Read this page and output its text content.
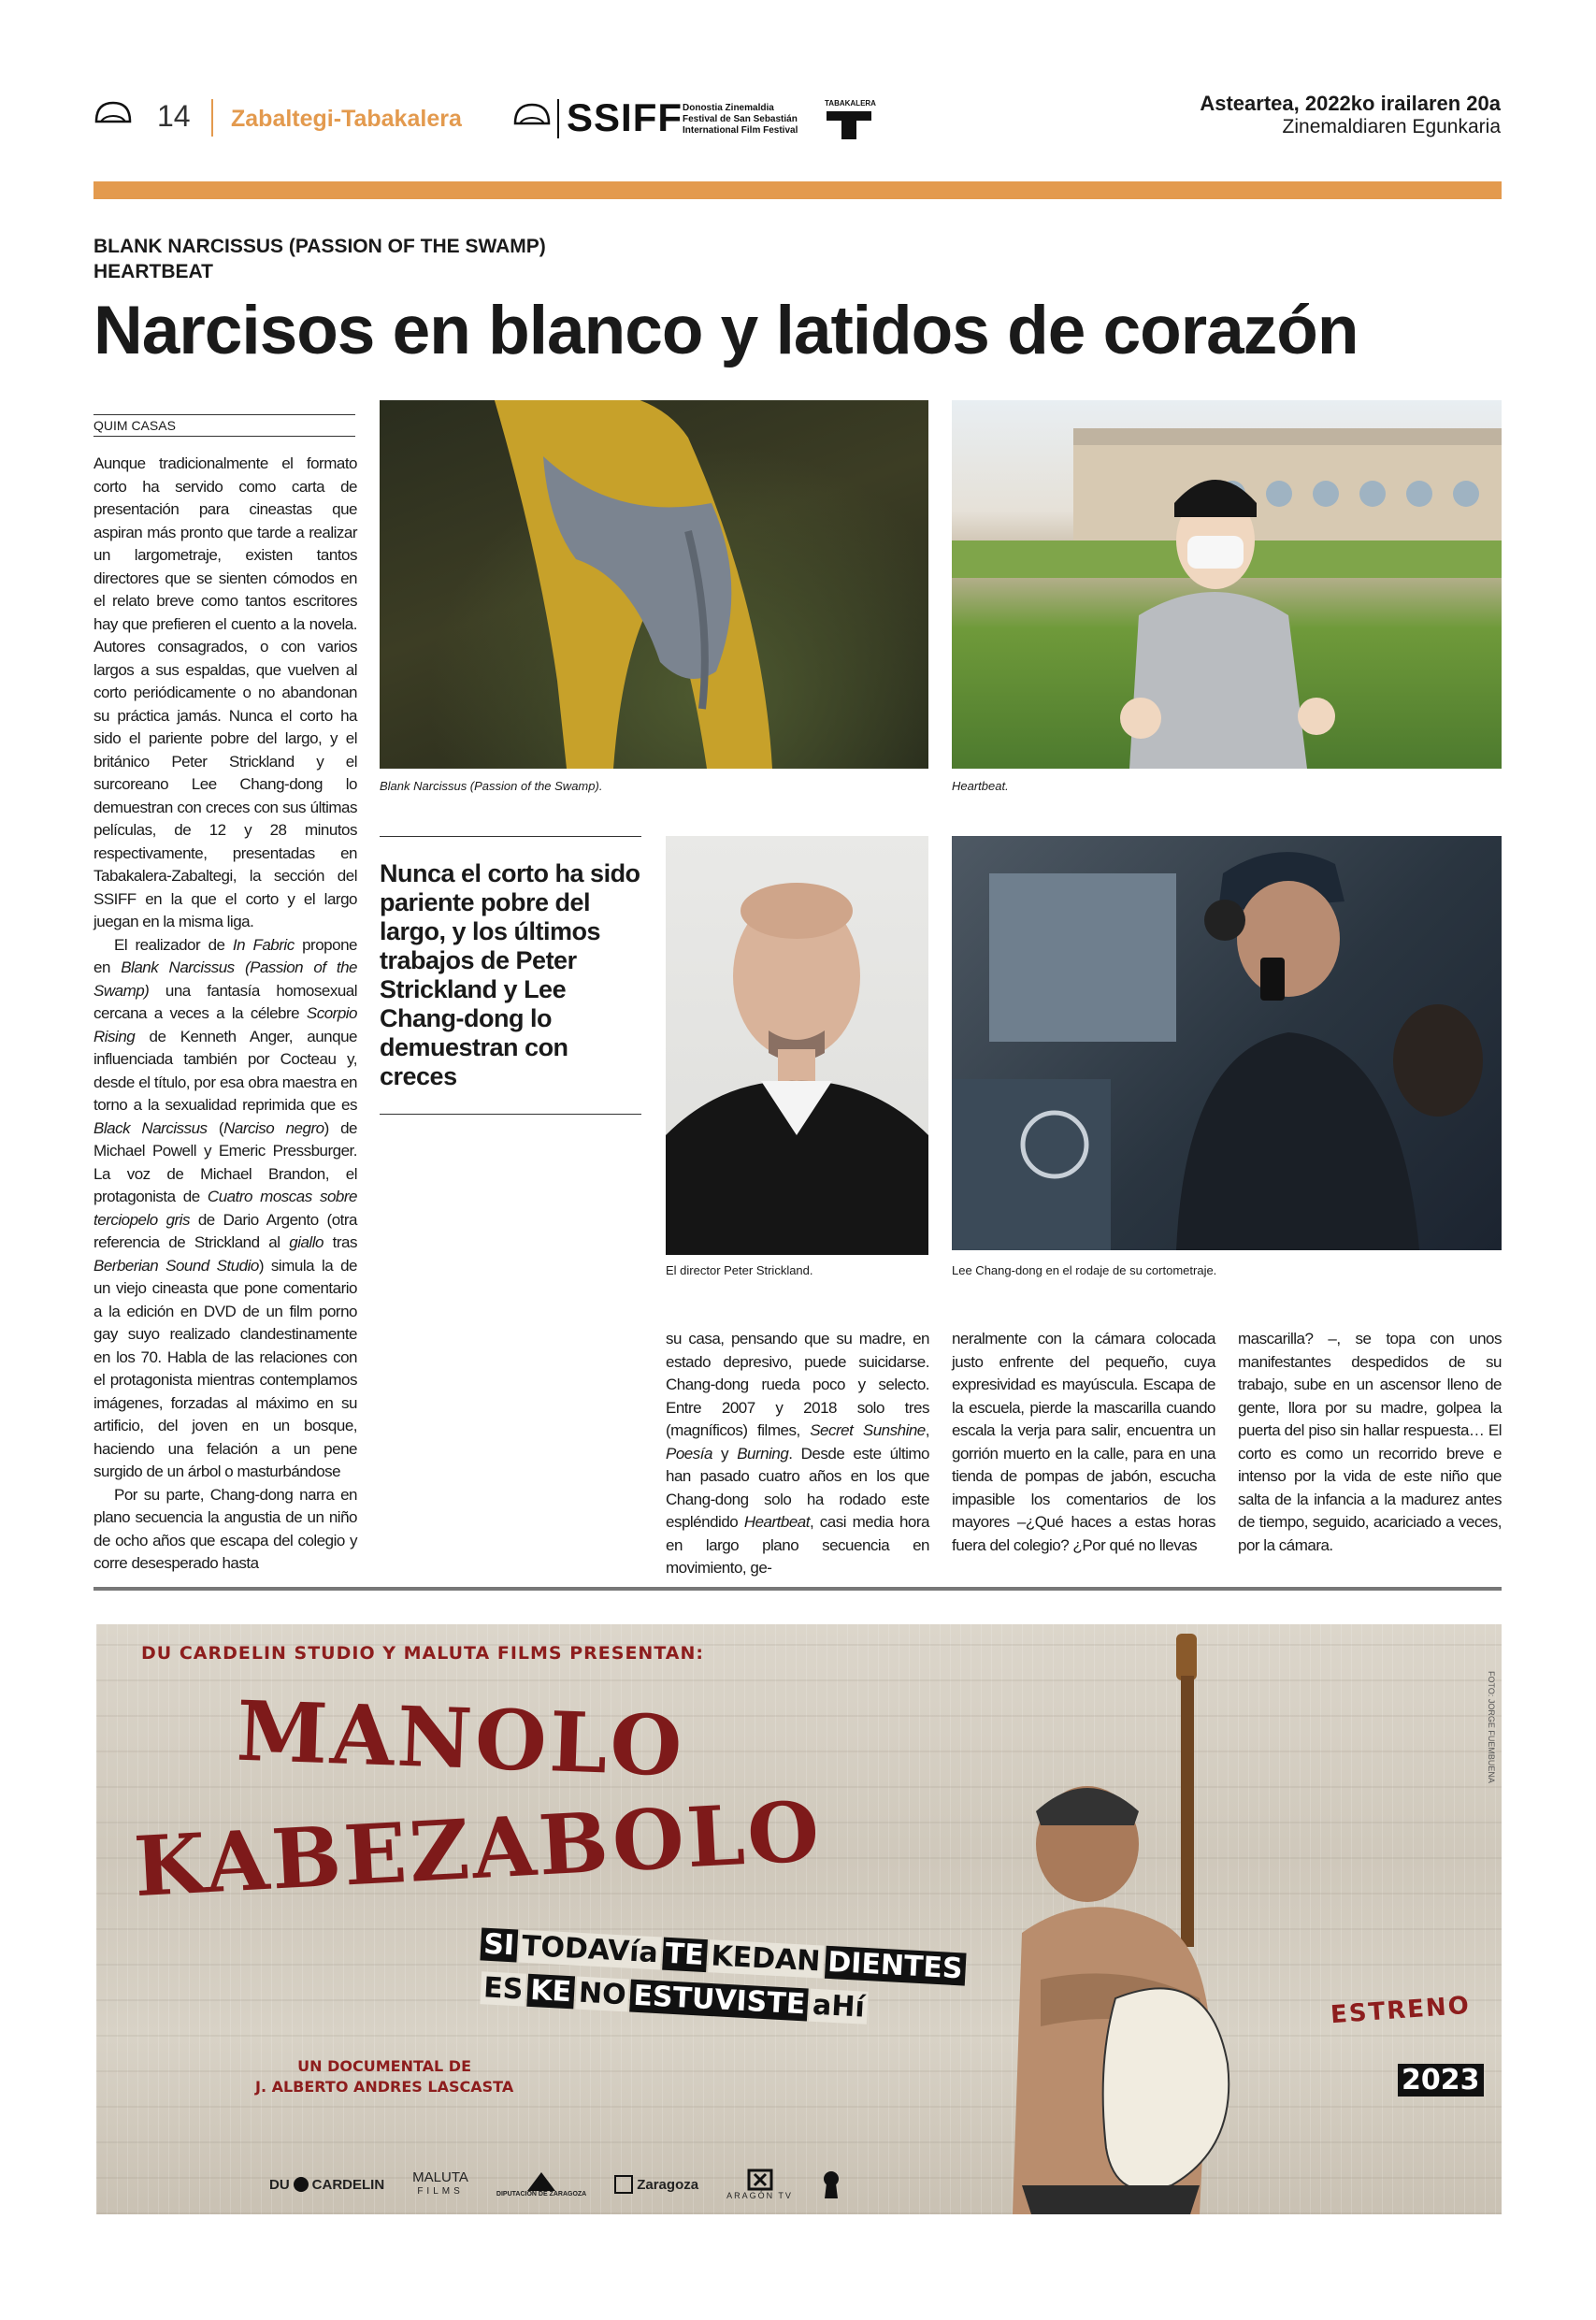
14 Zabaltegi-Tabakalera	SSIFF Donostia Zinemaldia
Festival de San Sebastián
International Film Festival
TABAKALERA	Asteartea, 2022ko irailaren 20a
Zinemaldiaren Egunkaria
BLANK NARCISSUS (PASSION OF THE SWAMP)
HEARTBEAT
Narcisos en blanco y latidos de corazón
QUIM CASAS

Aunque tradicionalmente el formato corto ha servido como carta de presentación para cineastas que aspiran más pronto que tarde a realizar un largometraje, existen tantos directores que se sienten cómodos en el relato breve como tantos escritores hay que prefieren el cuento a la novela. Autores consagrados, o con varios largos a sus espaldas, que vuelven al corto periódicamente o no abandonan su práctica jamás. Nunca el corto ha sido el pariente pobre del largo, y el británico Peter Strickland y el surcoreano Lee Chang-dong lo demuestran con creces con sus últimas películas, de 12 y 28 minutos respectivamente, presentadas en Tabakalera-Zabaltegi, la sección del SSIFF en la que el corto y el largo juegan en la misma liga.

El realizador de In Fabric propone en Blank Narcissus (Passion of the Swamp) una fantasía homosexual cercana a veces a la célebre Scorpio Rising de Kenneth Anger, aunque influenciada también por Cocteau y, desde el título, por esa obra maestra en torno a la sexualidad reprimida que es Black Narcissus (Narciso negro) de Michael Powell y Emeric Pressburger. La voz de Michael Brandon, el protagonista de Cuatro moscas sobre terciopelo gris de Dario Argento (otra referencia de Strickland al giallo tras Berberian Sound Studio) simula la de un viejo cineasta que pone comentario a la edición en DVD de un film porno gay suyo realizado clandestinamente en los 70. Habla de las relaciones con el protagonista mientras contemplamos imágenes, forzadas al máximo en su artificio, del joven en un bosque, haciendo una felación a un pene surgido de un árbol o masturbándose

Por su parte, Chang-dong narra en plano secuencia la angustia de un niño de ocho años que escapa del colegio y corre desesperado hasta

Blank Narcissus (Passion of the Swamp).	Heartbeat.
Nunca el corto ha sido pariente pobre del largo, y los últimos trabajos de Peter Strickland y Lee Chang-dong lo demuestran con creces
El director Peter Strickland.	Lee Chang-dong en el rodaje de su cortometraje.
su casa, pensando que su madre, en estado depresivo, puede suicidarse. Chang-dong rueda poco y selecto. Entre 2007 y 2018 solo tres (magníficos) filmes, Secret Sunshine, Poesía y Burning. Desde este último han pasado cuatro años en los que Chang-dong solo ha rodado este espléndido Heartbeat, casi media hora en largo plano secuencia en movimiento, ge-
neralmente con la cámara colocada justo enfrente del pequeño, cuya expresividad es mayúscula. Escapa de la escuela, pierde la mascarilla cuando escala la verja para salir, encuentra un gorrión muerto en la calle, para en una tienda de pompas de jabón, escucha impasible los comentarios de los mayores –¿Qué haces a estas horas fuera del colegio? ¿Por qué no llevas
mascarilla? –, se topa con unos manifestantes despedidos de su trabajo, sube en un ascensor lleno de gente, llora por su madre, golpea la puerta del piso sin hallar respuesta… El corto es como un recorrido breve e intenso por la vida de este niño que salta de la infancia a la madurez antes de tiempo, seguido, acariciado a veces, por la cámara.
DU CARDELIN STUDIO Y MALUTA FILMS PRESENTAN:
MANOLO
KABEZABOLO
SI TODAVía TE KEDAN DIENTES
ES KE NO ESTUVISTE aHí
UN DOCUMENTAL DE
J. ALBERTO ANDRES LASCASTA
ESTRENO
2023
FOTO: JORGE FUEMBUENA
DU CARDELIN MALUTA
FILMS	DIPUTACIÓN DE ZARAGOZA
Zaragoza
ARAGÓN TV
